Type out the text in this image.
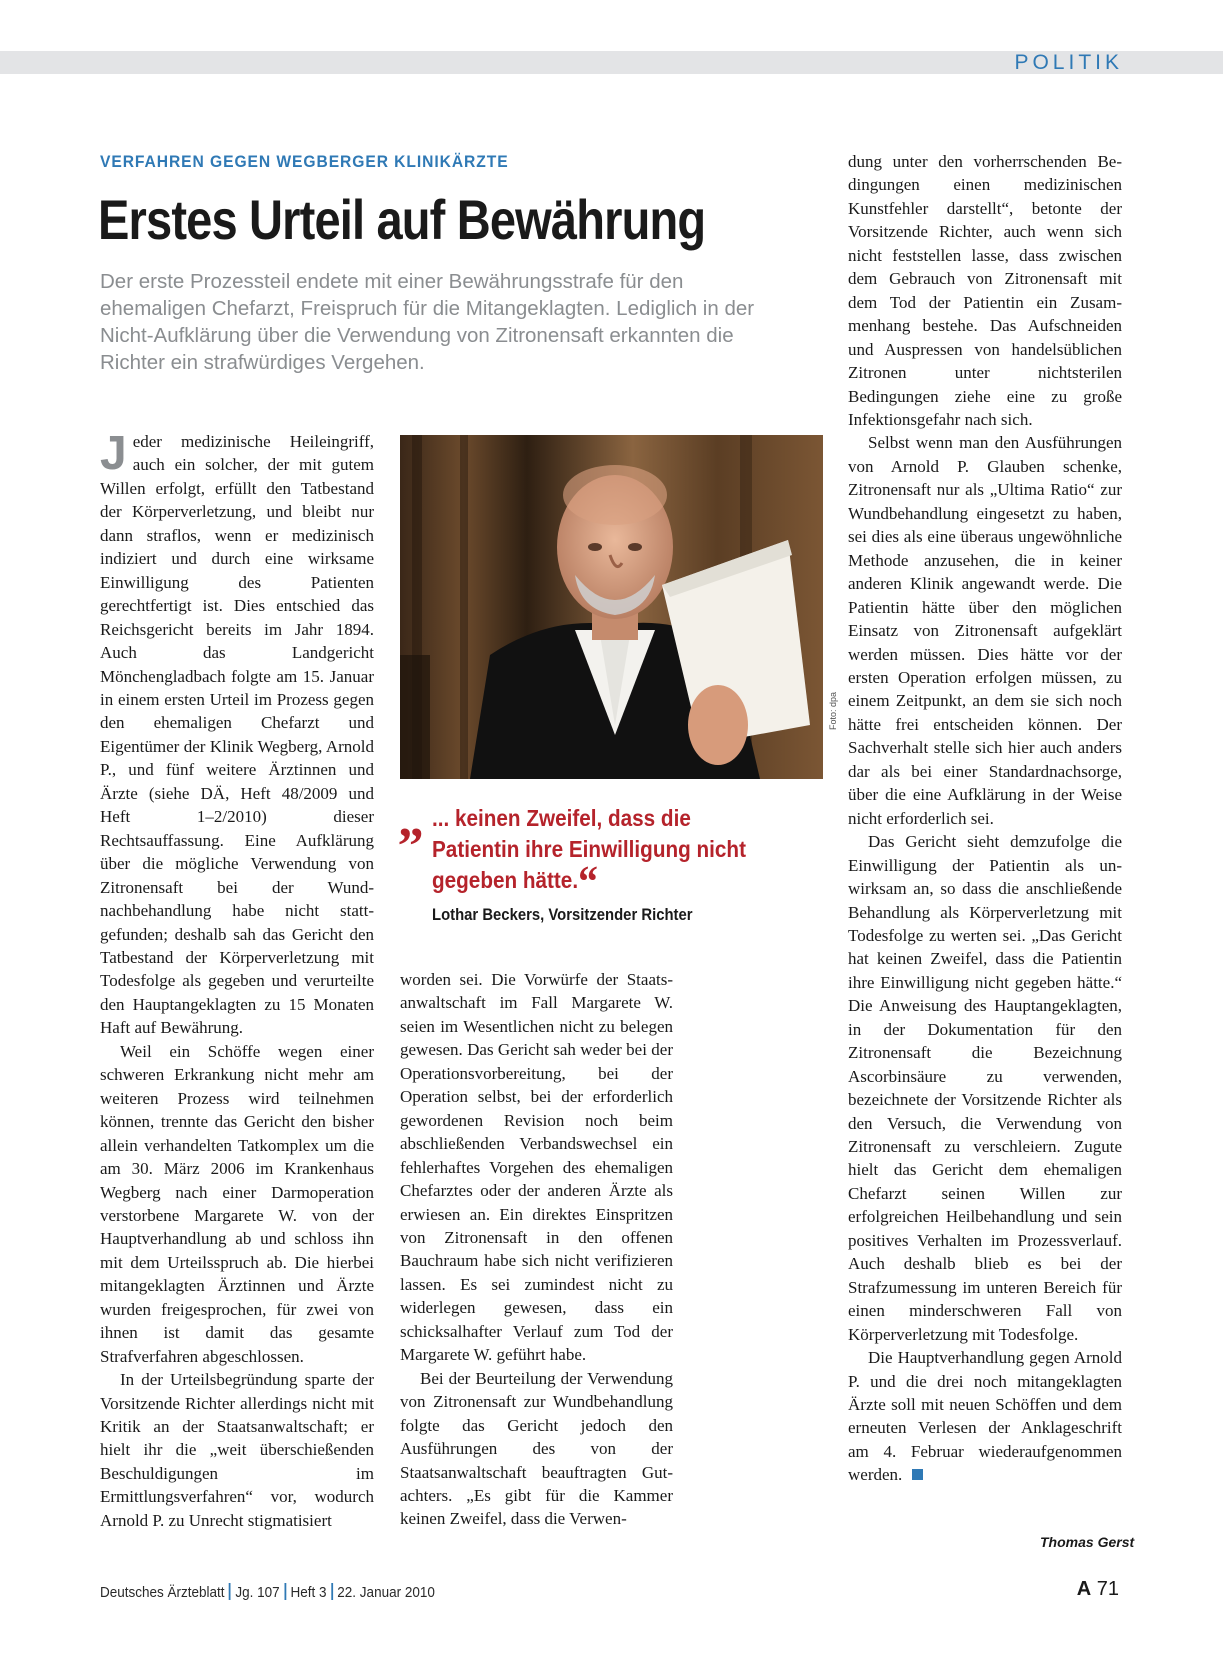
POLITIK
VERFAHREN GEGEN WEGBERGER KLINIKÄRZTE
Erstes Urteil auf Bewährung
Der erste Prozessteil endete mit einer Bewährungsstrafe für den ehemaligen Chefarzt, Freispruch für die Mitangeklagten. Lediglich in der Nicht-Aufklärung über die Verwendung von Zitronensaft erkannten die Richter ein strafwürdiges Vergehen.

Jeder medizinische Heileingriff, auch ein solcher, der mit gutem Willen erfolgt, erfüllt den Tatbestand der Körperverletzung, und bleibt nur dann straflos, wenn er medizinisch indiziert und durch eine wirksame Einwilligung des Patienten gerechtfertigt ist. Dies entschied das Reichsgericht bereits im Jahr 1894. Auch das Landgericht Mönchengladbach folgte am 15. Januar in einem ersten Urteil im Prozess gegen den ehemaligen Chefarzt und Eigentümer der Klinik Wegberg, Arnold P., und fünf weitere Ärztinnen und Ärzte (siehe DÄ, Heft 48/2009 und Heft 1–2/2010) dieser Rechtsauffassung. Eine Aufklärung über die mögliche Verwendung von Zitronensaft bei der Wundnachbehandlung habe nicht stattgefunden; deshalb sah das Gericht den Tatbestand der Körperverletzung mit Todesfolge als gegeben und verurteilte den Hauptangeklagten zu 15 Monaten Haft auf Bewährung.

Weil ein Schöffe wegen einer schweren Erkrankung nicht mehr am weiteren Prozess wird teilnehmen können, trennte das Gericht den bisher allein verhandelten Tatkomplex um die am 30. März 2006 im Krankenhaus Wegberg nach einer Darmoperation verstorbene Margarete W. von der Hauptverhandlung ab und schloss ihn mit dem Urteilsspruch ab. Die hierbei mitangeklagten Ärztinnen und Ärzte wurden freigesprochen, für zwei von ihnen ist damit das gesamte Strafverfahren abgeschlossen.

In der Urteilsbegründung sparte der Vorsitzende Richter allerdings nicht mit Kritik an der Staatsanwaltschaft; er hielt ihr die „weit überschießenden Beschuldigungen im Ermittlungsverfahren“ vor, wodurch Arnold P. zu Unrecht stigmatisiert

Foto: dpa
„ ... keinen Zweifel, dass die Patientin ihre Einwilligung nicht gegeben hätte.“
Lothar Beckers, Vorsitzender Richter

worden sei. Die Vorwürfe der Staatsanwaltschaft im Fall Margarete W. seien im Wesentlichen nicht zu belegen gewesen. Das Gericht sah weder bei der Operationsvorbereitung, bei der Operation selbst, bei der erforderlich gewordenen Revision noch beim abschließenden Verbandswechsel ein fehlerhaftes Vorgehen des ehemaligen Chefarztes oder der anderen Ärzte als erwiesen an. Ein direktes Einspritzen von Zitronensaft in den offenen Bauchraum habe sich nicht verifizieren lassen. Es sei zumindest nicht zu widerlegen gewesen, dass ein schicksalhafter Verlauf zum Tod der Margarete W. geführt habe.

Bei der Beurteilung der Verwendung von Zitronensaft zur Wundbehandlung folgte das Gericht jedoch den Ausführungen des von der Staatsanwaltschaft beauftragten Gutachters. „Es gibt für die Kammer keinen Zweifel, dass die Verwen-

dung unter den vorherrschenden Bedingungen einen medizinischen Kunstfehler darstellt“, betonte der Vorsitzende Richter, auch wenn sich nicht feststellen lasse, dass zwischen dem Gebrauch von Zitronensaft mit dem Tod der Patientin ein Zusammenhang bestehe. Das Aufschneiden und Auspressen von handelsüblichen Zitronen unter nichtsterilen Bedingungen ziehe eine zu große Infektionsgefahr nach sich.

Selbst wenn man den Ausführungen von Arnold P. Glauben schenke, Zitronensaft nur als „Ultima Ratio“ zur Wundbehandlung eingesetzt zu haben, sei dies als eine überaus ungewöhnliche Methode anzusehen, die in keiner anderen Klinik angewandt werde. Die Patientin hätte über den möglichen Einsatz von Zitronensaft aufgeklärt werden müssen. Dies hätte vor der ersten Operation erfolgen müssen, zu einem Zeitpunkt, an dem sie sich noch hätte frei entscheiden können. Der Sachverhalt stelle sich hier auch anders dar als bei einer Standardnachsorge, über die eine Aufklärung in der Weise nicht erforderlich sei.

Das Gericht sieht demzufolge die Einwilligung der Patientin als unwirksam an, so dass die anschließende Behandlung als Körperverletzung mit Todesfolge zu werten sei. „Das Gericht hat keinen Zweifel, dass die Patientin ihre Einwilligung nicht gegeben hätte.“ Die Anweisung des Hauptangeklagten, in der Dokumentation für den Zitronensaft die Bezeichnung Ascorbinsäure zu verwenden, bezeichnete der Vorsitzende Richter als den Versuch, die Verwendung von Zitronensaft zu verschleiern. Zugute hielt das Gericht dem ehemaligen Chefarzt seinen Willen zur erfolgreichen Heilbehandlung und sein positives Verhalten im Prozessverlauf. Auch deshalb blieb es bei der Strafzumessung im unteren Bereich für einen minderschweren Fall von Körperverletzung mit Todesfolge.

Die Hauptverhandlung gegen Arnold P. und die drei noch mitangeklagten Ärzte soll mit neuen Schöffen und dem erneuten Verlesen der Anklageschrift am 4. Februar wiederaufgenommen werden.

Thomas Gerst
Deutsches Ärzteblatt Jg. 107 Heft 3 22. Januar 2010	A 71
